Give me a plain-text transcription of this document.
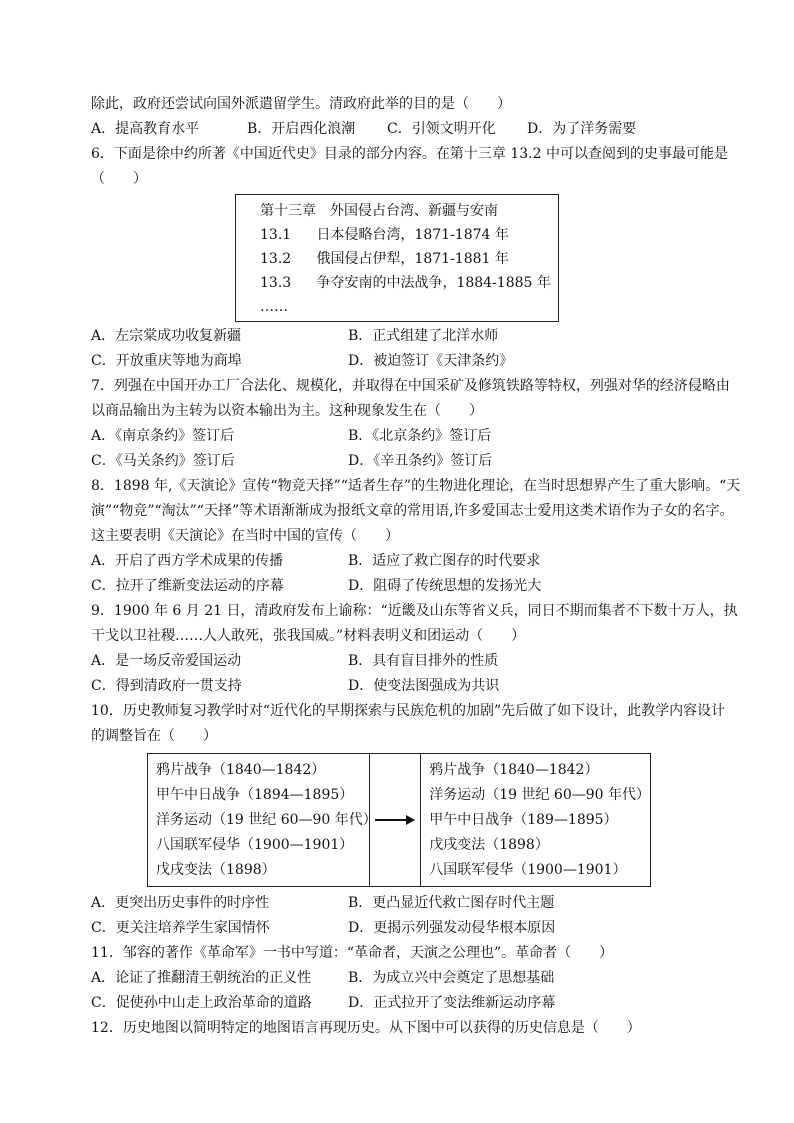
除此，政府还尝试向国外派遣留学生。清政府此举的目的是（　　）
A．提高教育水平	B．开启西化浪潮	C．引领文明开化	D．为了洋务需要
6．下面是徐中约所著《中国近代史》目录的部分内容。在第十三章 13.2 中可以查阅到的史事最可能是
（　　）
第十三章　外国侵占台湾、新疆与安南
13.1 日本侵略台湾，1871-1874 年
13.2 俄国侵占伊犁，1871-1881 年
13.3 争夺安南的中法战争，1884-1885 年
……
A．左宗棠成功收复新疆	B．正式组建了北洋水师
C．开放重庆等地为商埠	D．被迫签订《天津条约》
7．列强在中国开办工厂合法化、规模化，并取得在中国采矿及修筑铁路等特权，列强对华的经济侵略由
以商品输出为主转为以资本输出为主。这种现象发生在（　　）
A．《南京条约》签订后	B．《北京条约》签订后
C．《马关条约》签订后	D．《辛丑条约》签订后
8．1898 年,《天演论》宣传“物竞天择”“适者生存”的生物进化理论，在当时思想界产生了重大影响。“天
演”“物竞”“淘汰”“天择”等术语渐渐成为报纸文章的常用语,许多爱国志士爱用这类术语作为子女的名字。
这主要表明《天演论》在当时中国的宣传（　　）
A．开启了西方学术成果的传播	B．适应了救亡图存的时代要求
C．拉开了维新变法运动的序幕	D．阻碍了传统思想的发扬光大
9．1900 年 6 月 21 日，清政府发布上谕称：“近畿及山东等省义兵，同日不期而集者不下数十万人，执
干戈以卫社稷……人人敢死，张我国威。”材料表明义和团运动（　　）
A．是一场反帝爱国运动	B．具有盲目排外的性质
C．得到清政府一贯支持	D．使变法图强成为共识
10．历史教师复习教学时对“近代化的早期探索与民族危机的加剧”先后做了如下设计，此教学内容设计
的调整旨在（　　）
鸦片战争（1840—1842）
甲午中日战争（1894—1895）
洋务运动（19 世纪 60—90 年代）
八国联军侵华（1900—1901）
戊戌变法（1898）
鸦片战争（1840—1842）
洋务运动（19 世纪 60—90 年代）
甲午中日战争（189—1895）
戊戌变法（1898）
八国联军侵华（1900—1901）
A．更突出历史事件的时序性	B．更凸显近代救亡图存时代主题
C．更关注培养学生家国情怀	D．更揭示列强发动侵华根本原因
11．邹容的著作《革命军》一书中写道：“革命者，天演之公理也”。革命者（　　）
A．论证了推翻清王朝统治的正义性	B．为成立兴中会奠定了思想基础
C．促使孙中山走上政治革命的道路	D．正式拉开了变法维新运动序幕
12．历史地图以简明特定的地图语言再现历史。从下图中可以获得的历史信息是（　　）
